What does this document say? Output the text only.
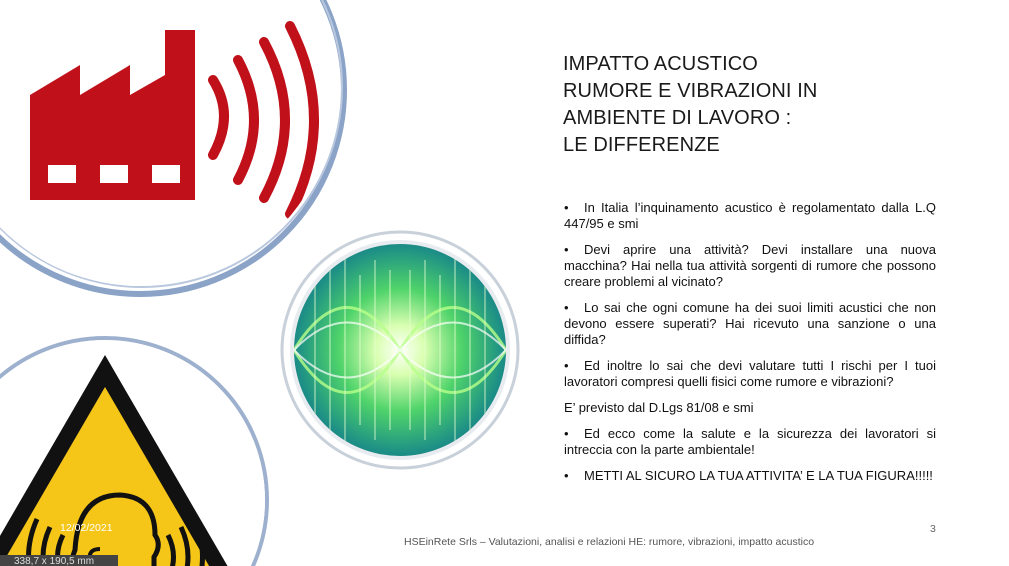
IMPATTO ACUSTICO
RUMORE E VIBRAZIONI IN
AMBIENTE DI LAVORO :
LE DIFFERENZE

• In Italia l’inquinamento acustico è regolamentato dalla L.Q 447/95 e smi

• Devi aprire una attività? Devi installare una nuova macchina? Hai nella tua attività sorgenti di rumore che possono creare problemi al vicinato?

• Lo sai che ogni comune ha dei suoi limiti acustici che non devono essere superati? Hai ricevuto una sanzione o una diffida?

• Ed inoltre lo sai che devi valutare tutti I rischi per I tuoi lavoratori compresi quelli fisici come rumore e vibrazioni?

E’ previsto dal D.Lgs 81/08 e smi

• Ed ecco come la salute e la sicurezza dei lavoratori si intreccia con la parte ambientale!

• METTI AL SICURO LA TUA ATTIVITA’ E LA TUA FIGURA!!!!!

12/02/2021
HSEinRete Srls – Valutazioni, analisi e relazioni HE: rumore, vibrazioni, impatto acustico
3
338,7 x 190,5 mm
